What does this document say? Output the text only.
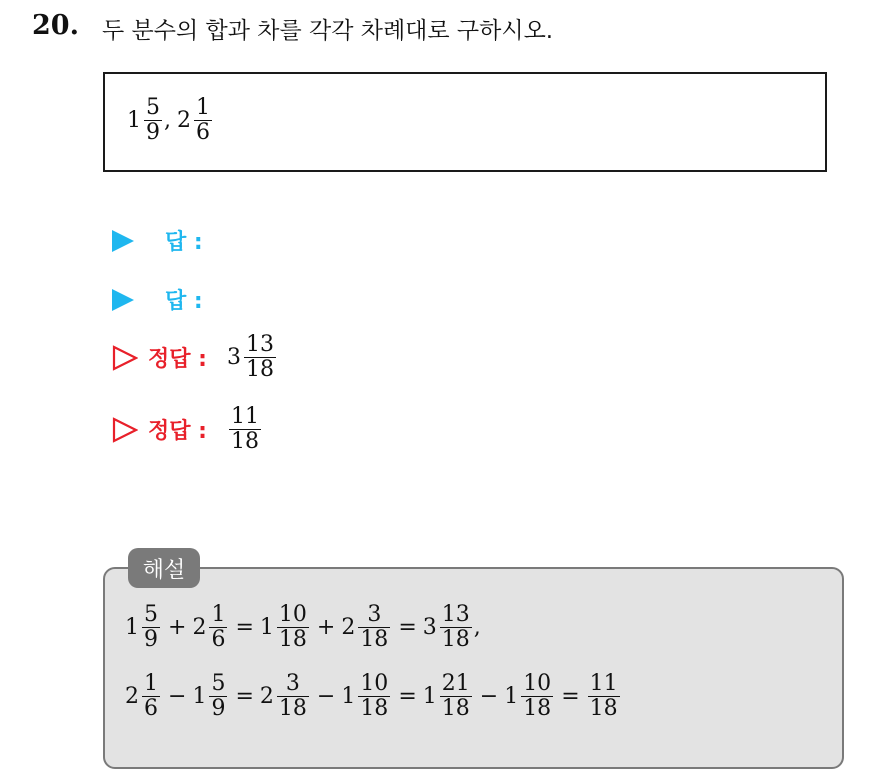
20. 두 분수의 합과 차를 각각 차례대로 구하시오.
$1 \frac{5}{9}$ , $2 \frac{1}{6}$
답 :
답 :
정답 : $3 \frac{13}{18}$
정답 : $\frac{11}{18}$
해설
$1 \frac{5}{9} + 2 \frac{1}{6} = 1 \frac{10}{18} + 2 \frac{3}{18} = 3 \frac{13}{18}$ ,
$2 \frac{1}{6} - 1 \frac{5}{9} = 2 \frac{3}{18} - 1 \frac{10}{18} = 1 \frac{21}{18} - 1 \frac{10}{18} = \frac{11}{18}$
